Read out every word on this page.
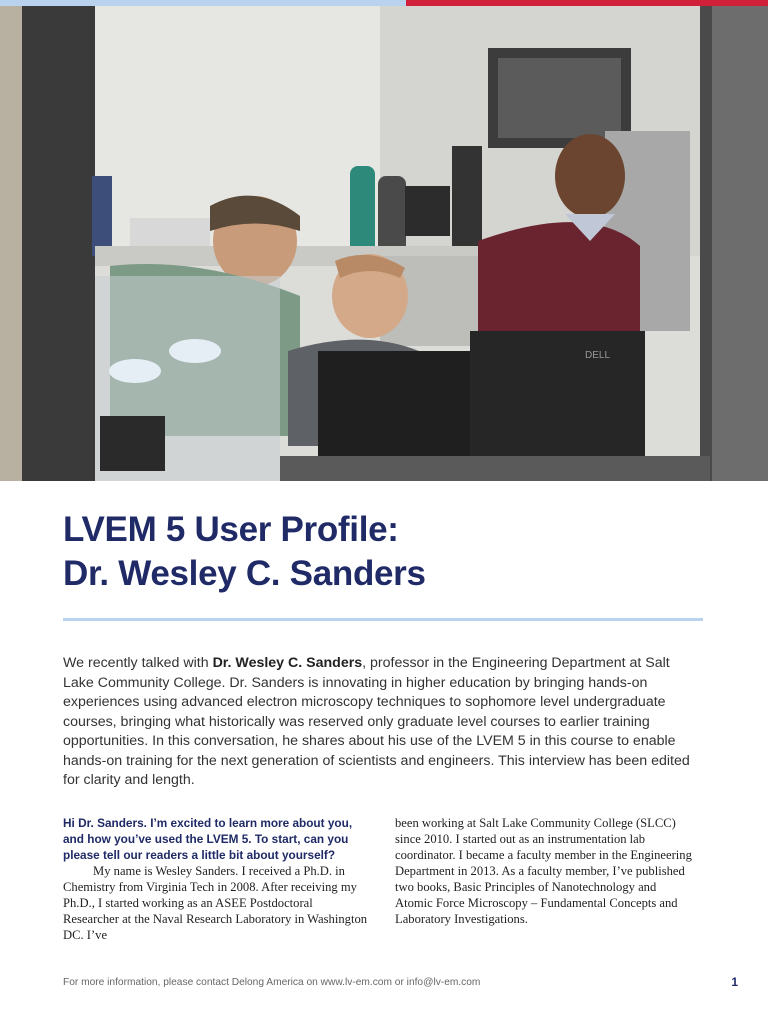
DELL
LVEM 5 User Profile:
Dr. Wesley C. Sanders
We recently talked with Dr. Wesley C. Sanders, professor in the Engineering Department at Salt Lake Community College. Dr. Sanders is innovating in higher education by bringing hands-on experiences using advanced electron microscopy techniques to sophomore level undergraduate courses, bringing what historically was reserved only graduate level courses to earlier training opportunities. In this conversation, he shares about his use of the LVEM 5 in this course to enable hands-on training for the next generation of scientists and engineers. This interview has been edited for clarity and length.
Hi Dr. Sanders. I’m excited to learn more about you, and how you’ve used the LVEM 5. To start, can you please tell our readers a little bit about yourself?
My name is Wesley Sanders. I received a Ph.D. in Chemistry from Virginia Tech in 2008. After receiving my Ph.D., I started working as an ASEE Postdoctoral Researcher at the Naval Research Laboratory in Washington DC. I’ve
been working at Salt Lake Community College (SLCC) since 2010. I started out as an instrumentation lab coordinator. I became a faculty member in the Engineering Department in 2013. As a faculty member, I’ve published two books, Basic Principles of Nanotechnology and Atomic Force Microscopy – Fundamental Concepts and Laboratory Investigations.
For more information, please contact Delong America on www.lv-em.com or info@lv-em.com	1
